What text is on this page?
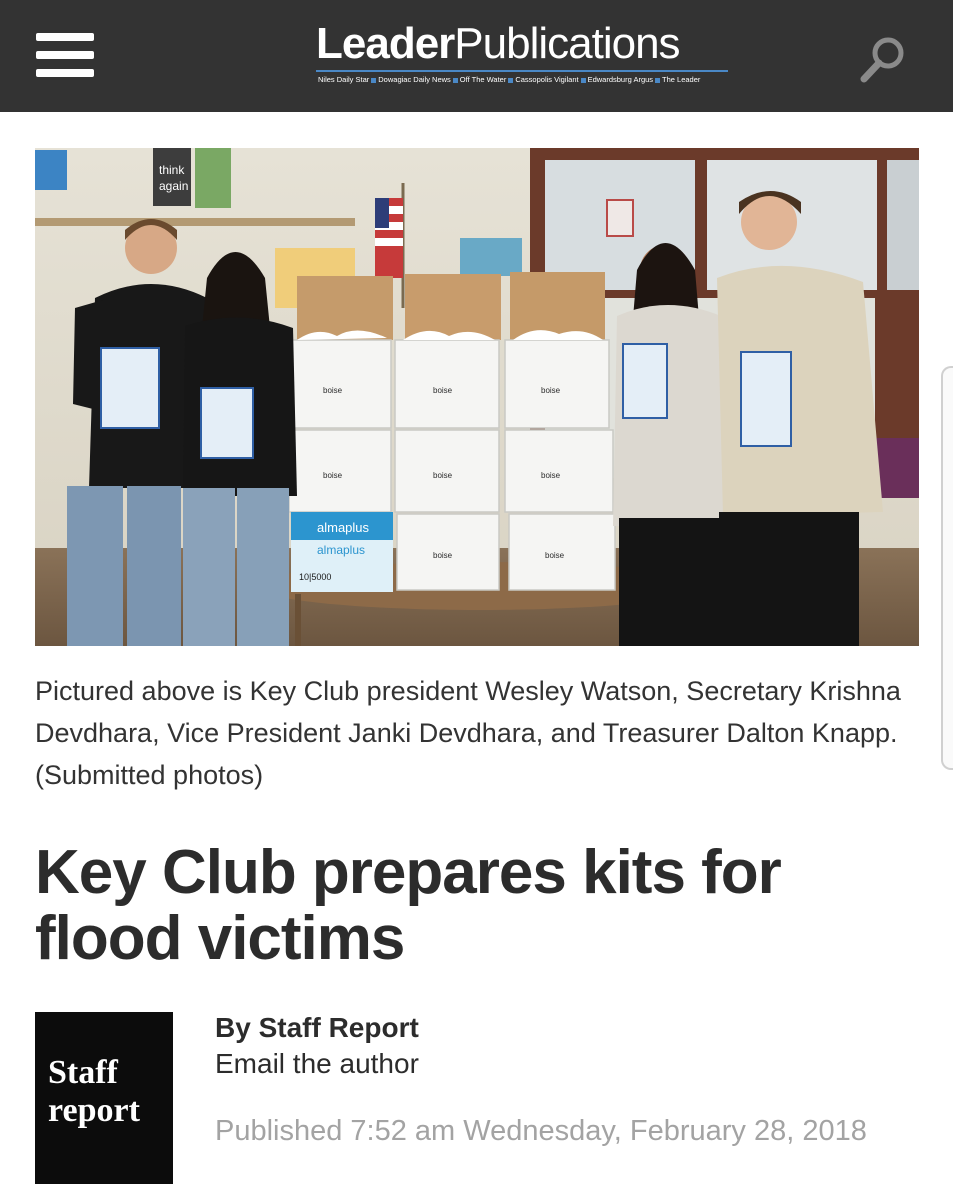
LeaderPublications
Niles Daily Star Dowagiac Daily News Off The Water Cassopolis Vigilant Edwardsburg Argus The Leader
think
again
almaplus
almaplus
10|5000
boise	boise	boise
boise	boise	boise
boise	boise

Pictured above is Key Club president Wesley Watson, Secretary Krishna Devdhara, Vice President Janki Devdhara, and Treasurer Dalton Knapp. (Submitted photos)

Key Club prepares kits for flood victims
Staff
report
By Staff Report
Email the author
Published 7:52 am Wednesday, February 28, 2018
